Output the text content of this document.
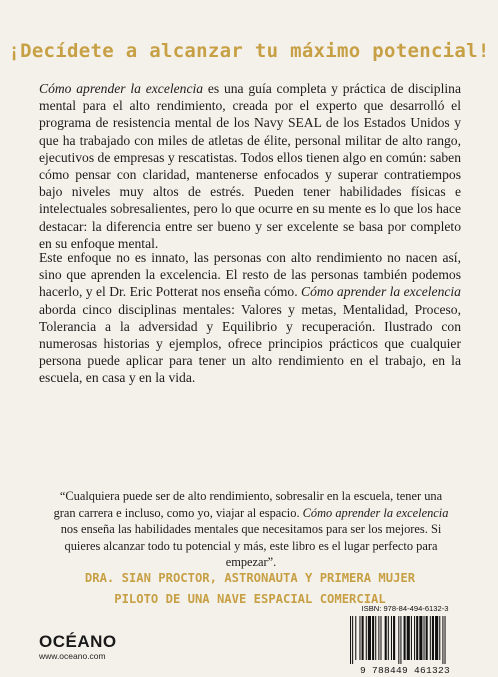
¡Decídete a alcanzar tu máximo potencial!

Cómo aprender la excelencia es una guía completa y práctica de disciplina mental para el alto rendimiento, creada por el experto que desarrolló el programa de resistencia mental de los Navy SEAL de los Estados Unidos y que ha trabajado con miles de atletas de élite, personal militar de alto rango, ejecutivos de empresas y rescatistas. Todos ellos tienen algo en común: saben cómo pensar con claridad, mantenerse enfocados y superar contratiempos bajo niveles muy altos de estrés. Pueden tener habilidades físicas e intelectuales sobresalientes, pero lo que ocurre en su mente es lo que los hace destacar: la diferencia entre ser bueno y ser excelente se basa por completo en su enfoque mental.

Este enfoque no es innato, las personas con alto rendimiento no nacen así, sino que aprenden la excelencia. El resto de las personas también podemos hacerlo, y el Dr. Eric Potterat nos enseña cómo. Cómo aprender la excelencia aborda cinco disciplinas mentales: Valores y metas, Mentalidad, Proceso, Tolerancia a la adversidad y Equilibrio y recuperación. Ilustrado con numerosas historias y ejemplos, ofrece principios prácticos que cualquier persona puede aplicar para tener un alto rendimiento en el trabajo, en la escuela, en casa y en la vida.

“Cualquiera puede ser de alto rendimiento, sobresalir en la escuela, tener una gran carrera e incluso, como yo, viajar al espacio. Cómo aprender la excelencia nos enseña las habilidades mentales que necesitamos para ser los mejores. Si quieres alcanzar todo tu potencial y más, este libro es el lugar perfecto para empezar”.

DRA. SIAN PROCTOR, ASTRONAUTA Y PRIMERA MUJER
PILOTO DE UNA NAVE ESPACIAL COMERCIAL

OCÉANO
www.oceano.com
ISBN: 978-84-494-6132-3
9 788449 461323
